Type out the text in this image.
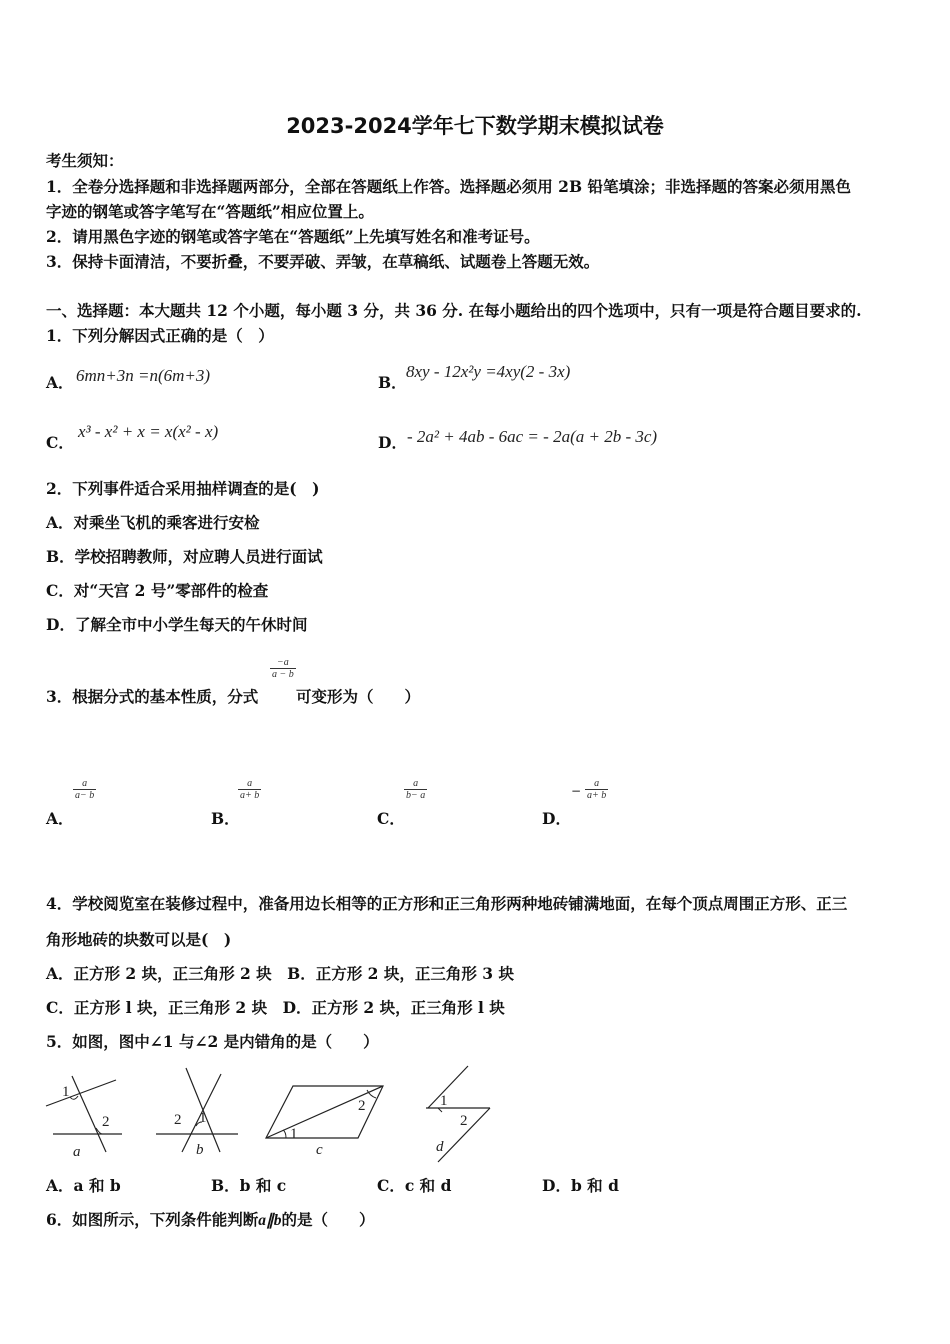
2023-2024学年七下数学期末模拟试卷
考生须知：
1．全卷分选择题和非选择题两部分，全部在答题纸上作答。选择题必须用 2B 铅笔填涂；非选择题的答案必须用黑色
字迹的钢笔或答字笔写在“答题纸”相应位置上。
2．请用黑色字迹的钢笔或答字笔在“答题纸”上先填写姓名和准考证号。
3．保持卡面清洁，不要折叠，不要弄破、弄皱，在草稿纸、试题卷上答题无效。
一、选择题：本大题共 12 个小题，每小题 3 分，共 36 分. 在每小题给出的四个选项中，只有一项是符合题目要求的.
1．下列分解因式正确的是（　）
A． 6mn+3n =n(6m+3)	B．
8xy - 12x²y =4xy(2 - 3x)
C．
x³ - x² + x = x(x² - x)
D． - 2a² + 4ab - 6ac = - 2a(a + 2b - 3c)
2．下列事件适合采用抽样调查的是(　)
A．对乘坐飞机的乘客进行安检
B．学校招聘教师，对应聘人员进行面试
C．对“天宫 2 号”零部件的检查
D．了解全市中小学生每天的午休时间
3．根据分式的基本性质，分式
−a
a − b
可变形为（　　）
A．
a
a− b
B．
a
a+ b
C．
a
b− a
D．
−
a
a+ b
4．学校阅览室在装修过程中，准备用边长相等的正方形和正三角形两种地砖铺满地面，在每个顶点周围正方形、正三
角形地砖的块数可以是(　)
A．正方形 2 块，正三角形 2 块　B．正方形 2 块，正三角形 3 块
C．正方形 l 块，正三角形 2 块　D．正方形 2 块，正三角形 l 块
5．如图，图中∠1 与∠2 是内错角的是（　　）
1
2
a
2 1
b
1
2
c
1
2
d
A．a 和 b	B．b 和 c	C．c 和 d	D．b 和 d
6．如图所示，下列条件能判断a∥b的是（　　）
